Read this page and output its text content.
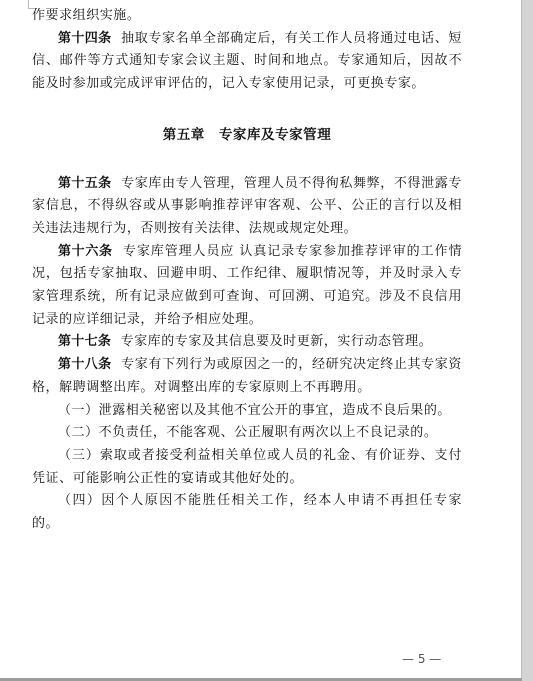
作要求组织实施。

第十四条 抽取专家名单全部确定后，有关工作人员将通过电话、短信、邮件等方式通知专家会议主题、时间和地点。专家通知后，因故不能及时参加或完成评审评估的，记入专家使用记录，可更换专家。

第五章　专家库及专家管理

第十五条 专家库由专人管理，管理人员不得徇私舞弊，不得泄露专家信息，不得纵容或从事影响推荐评审客观、公平、公正的言行以及相关违法违规行为，否则按有关法律、法规或规定处理。

第十六条 专家库管理人员应 认真记录专家参加推荐评审的工作情况，包括专家抽取、回避申明、工作纪律、履职情况等，并及时录入专家管理系统，所有记录应做到可查询、可回溯、可追究。涉及不良信用记录的应详细记录，并给予相应处理。

第十七条 专家库的专家及其信息要及时更新，实行动态管理。

第十八条 专家有下列行为或原因之一的，经研究决定终止其专家资格，解聘调整出库。对调整出库的专家原则上不再聘用。

（一）泄露相关秘密以及其他不宜公开的事宜，造成不良后果的。

（二）不负责任，不能客观、公正履职有两次以上不良记录的。

（三）索取或者接受利益相关单位或人员的礼金、有价证券、支付凭证、可能影响公正性的宴请或其他好处的。

（四）因个人原因不能胜任相关工作，经本人申请不再担任专家的。

— 5 —
